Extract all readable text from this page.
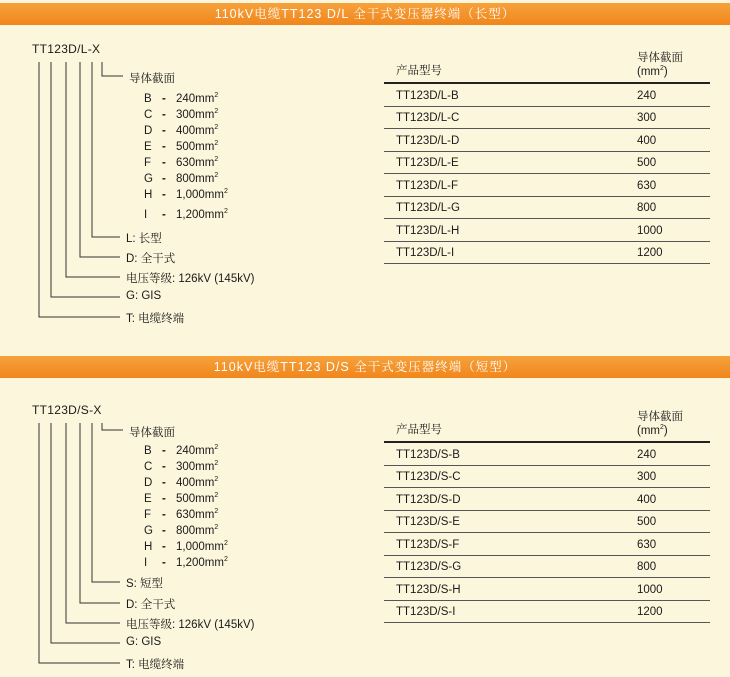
110kV电缆TT123 D/L 全干式变压器终端（长型）
TT123D/L-X
导体截面
B - $240mm^2$
C - $300mm^2$
D - $400mm^2$
E - $500mm^2$
F - $630mm^2$
G - $800mm^2$
H - $1,000mm^2$
I - $1,200mm^2$
L: 长型
D: 全干式
电压等级: 126kV (145kV)
G: GIS
T: 电缆终端
产品型号
导体截面$(mm^2)$
TT123D/L-B	240
TT123D/L-C	300
TT123D/L-D	400
TT123D/L-E	500
TT123D/L-F	630
TT123D/L-G	800
TT123D/L-H	1000
TT123D/L-I	1200
110kV电缆TT123 D/S 全干式变压器终端（短型）
TT123D/S-X
导体截面
B - $240mm^2$
C - $300mm^2$
D - $400mm^2$
E - $500mm^2$
F - $630mm^2$
G - $800mm^2$
H - $1,000mm^2$
I - $1,200mm^2$
S: 短型
D: 全干式
电压等级: 126kV (145kV)
G: GIS
T: 电缆终端
产品型号
导体截面$(mm^2)$
TT123D/S-B	240
TT123D/S-C	300
TT123D/S-D	400
TT123D/S-E	500
TT123D/S-F	630
TT123D/S-G	800
TT123D/S-H	1000
TT123D/S-I	1200
